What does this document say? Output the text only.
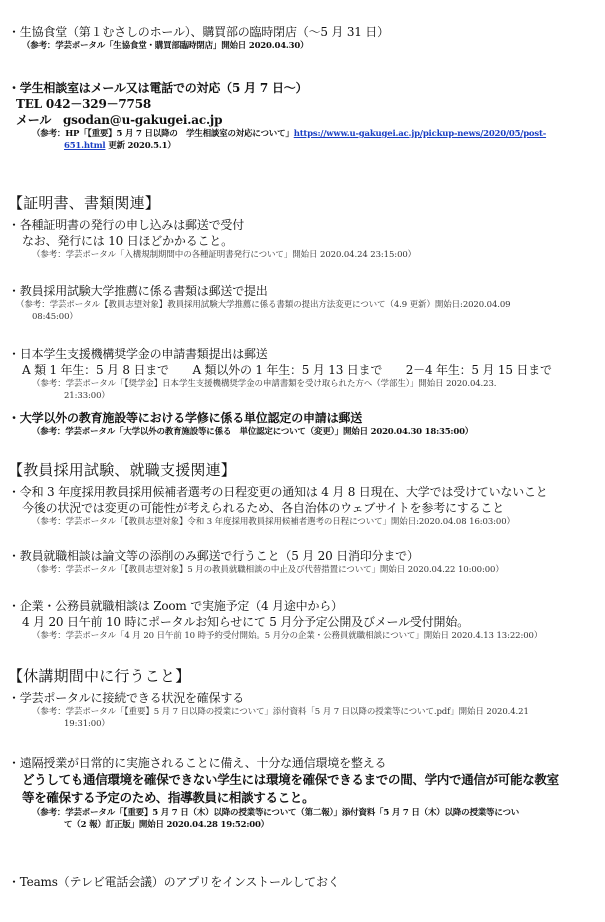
・生協食堂（第１むさしのホール）、購買部の臨時閉店（〜5 月 31 日）
（参考：学芸ポータル「生協食堂・購買部臨時閉店」開始日 2020.04.30）
・学生相談室はメール又は電話での対応（5 月 7 日〜）
TEL 042－329－7758
メール　gsodan@u-gakugei.ac.jp
（参考：HP「【重要】5 月 7 日以降の　学生相談室の対応について」https://www.u-gakugei.ac.jp/pickup-news/2020/05/post-
651.html 更新 2020.5.1）
【証明書、書類関連】
・各種証明書の発行の申し込みは郵送で受付
なお、発行には 10 日ほどかかること。
（参考：学芸ポータル「入構規制期間中の各種証明書発行について」開始日 2020.04.24 23:15:00）
・教員採用試験大学推薦に係る書類は郵送で提出
（参考：学芸ポータル【教員志望対象】教員採用試験大学推薦に係る書類の提出方法変更について（4.9 更新）開始日:2020.04.09
08:45:00）
・日本学生支援機構奨学金の申請書類提出は郵送
A 類 1 年生：5 月 8 日まで　　A 類以外の 1 年生：5 月 13 日まで　　2－4 年生：5 月 15 日まで
（参考：学芸ポータル「【奨学金】日本学生支援機構奨学金の申請書類を受け取られた方へ（学部生）」開始日 2020.04.23.
21:33:00）
・大学以外の教育施設等における学修に係る単位認定の申請は郵送
（参考：学芸ポータル「大学以外の教育施設等に係る　単位認定について（変更）」開始日 2020.04.30 18:35:00）
【教員採用試験、就職支援関連】
・令和 3 年度採用教員採用候補者選考の日程変更の通知は 4 月 8 日現在、大学では受けていないこと
今後の状況では変更の可能性が考えられるため、各自治体のウェブサイトを参考にすること
（参考：学芸ポータル「【教員志望対象】令和 3 年度採用教員採用候補者選考の日程について」開始日:2020.04.08 16:03:00）
・教員就職相談は論文等の添削のみ郵送で行うこと（5 月 20 日消印分まで）
（参考：学芸ポータル「【教員志望対象】5 月の教員就職相談の中止及び代替措置について」開始日 2020.04.22 10:00:00）
・企業・公務員就職相談は Zoom で実施予定（4 月途中から）
4 月 20 日午前 10 時にポータルお知らせにて 5 月分予定公開及びメール受付開始。
（参考：学芸ポータル「4 月 20 日午前 10 時予約受付開始。5 月分の企業・公務員就職相談について」開始日 2020.4.13 13:22:00）
【休講期間中に行うこと】
・学芸ポータルに接続できる状況を確保する
（参考：学芸ポータル「【重要】5 月 7 日以降の授業について」添付資料「5 月 7 日以降の授業等について.pdf」開始日 2020.4.21
19:31:00）
・遠隔授業が日常的に実施されることに備え、十分な通信環境を整える
どうしても通信環境を確保できない学生には環境を確保できるまでの間、学内で通信が可能な教室
等を確保する予定のため、指導教員に相談すること。
（参考：学芸ポータル「【重要】5 月 7 日（木）以降の授業等について（第二報）」添付資料「5 月 7 日（木）以降の授業等につい
て（2 報）訂正版」開始日 2020.04.28 19:52:00）
・Teams（テレビ電話会議）のアプリをインストールしておく
